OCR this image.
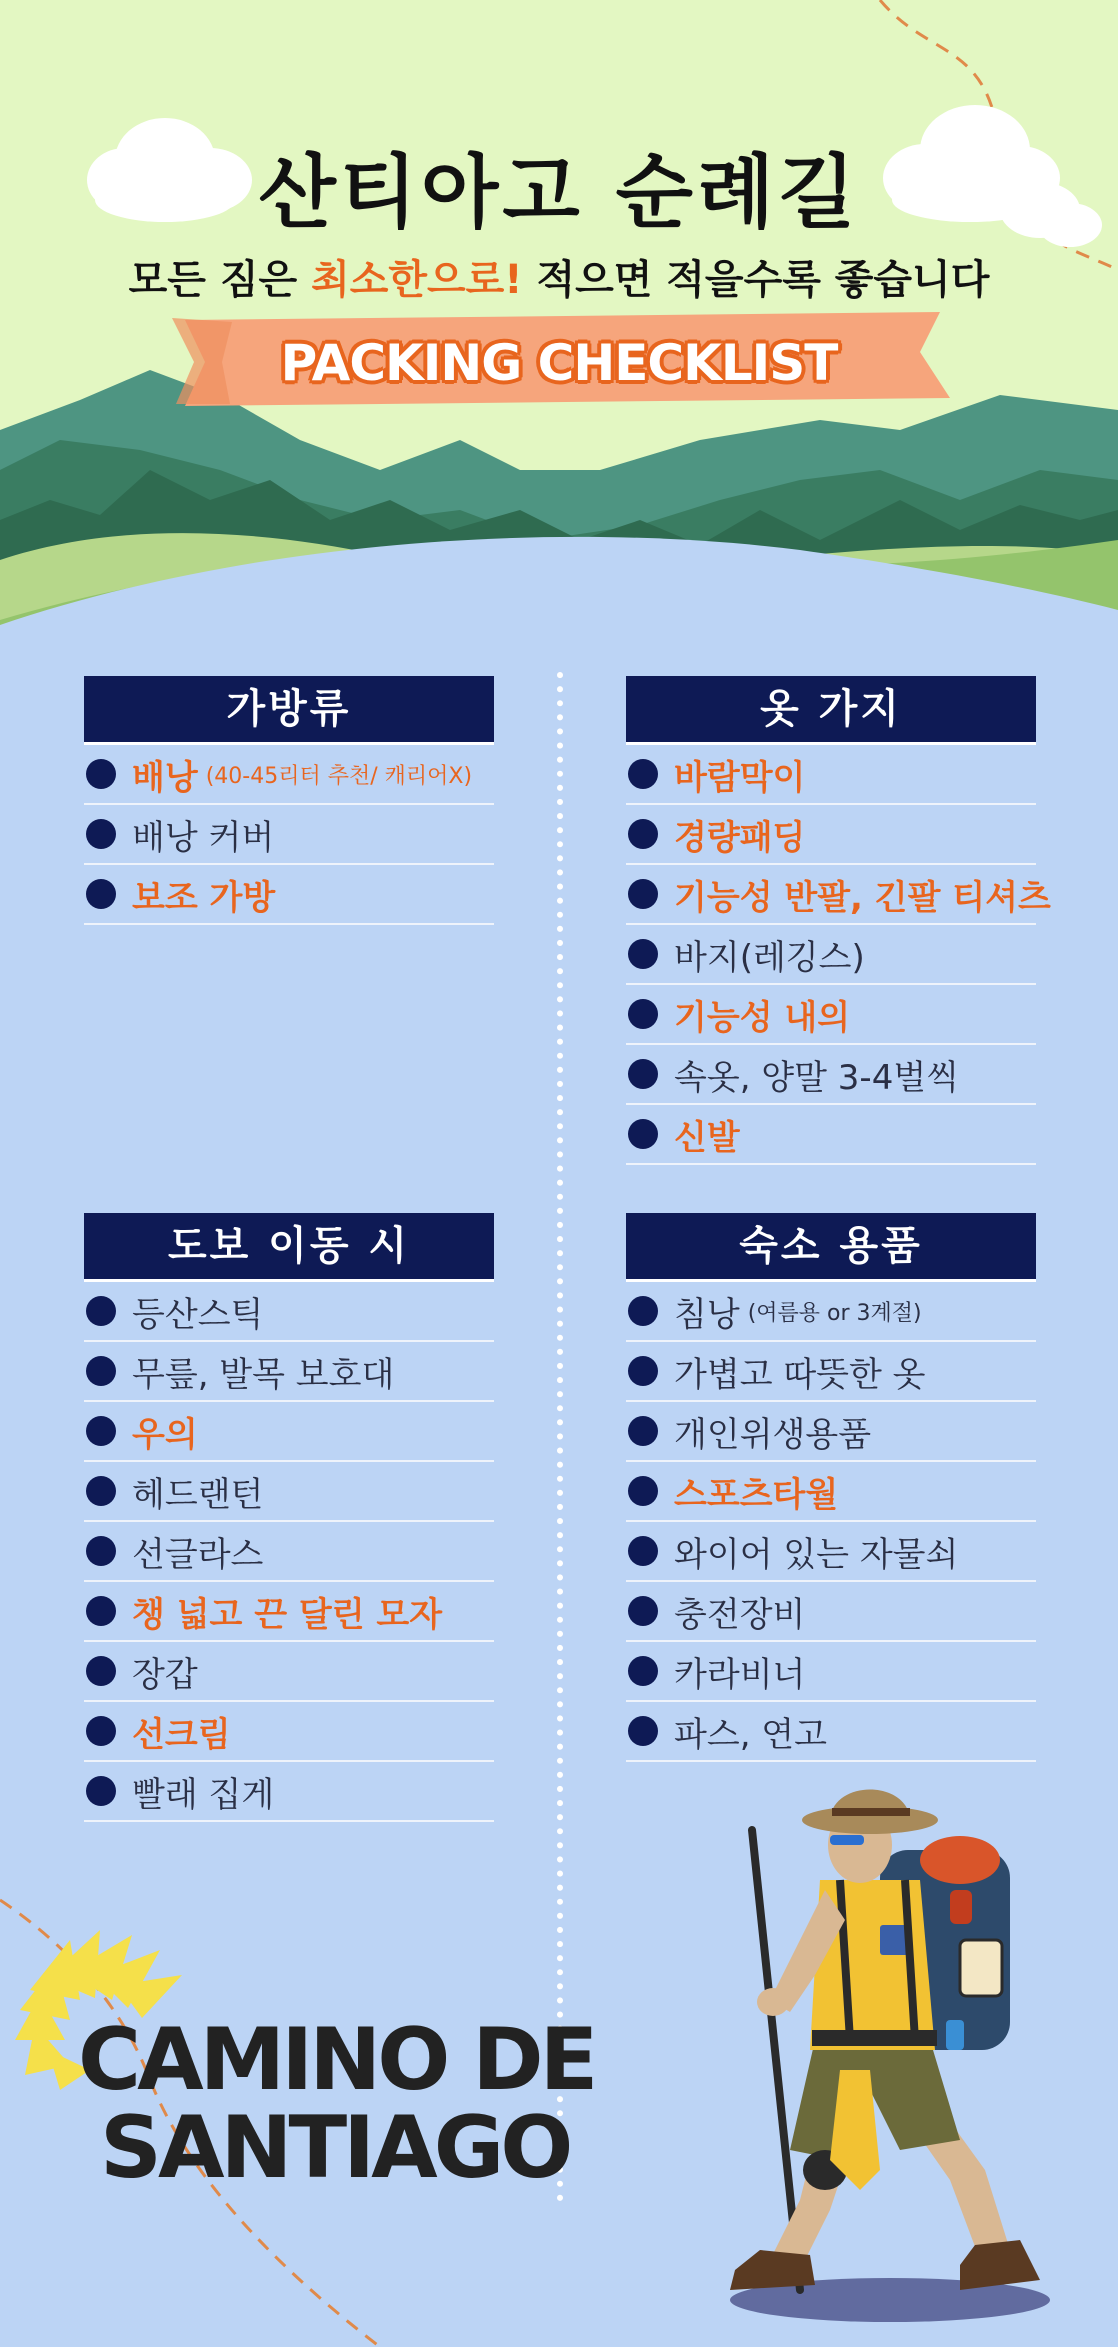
산티아고 순례길
모든 짐은 최소한으로! 적으면 적을수록 좋습니다
PACKING CHECKLIST
가방류
배낭 (40-45리터 추천/ 캐리어X)
배낭 커버
보조 가방
옷 가지
바람막이
경량패딩
기능성 반팔, 긴팔 티셔츠
바지(레깅스)
기능성 내의
속옷, 양말 3-4벌씩
신발
도보 이동 시
등산스틱
무릎, 발목 보호대
우의
헤드랜턴
선글라스
챙 넓고 끈 달린 모자
장갑
선크림
빨래 집게
숙소 용품
침낭 (여름용 or 3계절)
가볍고 따뜻한 옷
개인위생용품
스포츠타월
와이어 있는 자물쇠
충전장비
카라비너
파스, 연고
CAMINO DE
SANTIAGO
